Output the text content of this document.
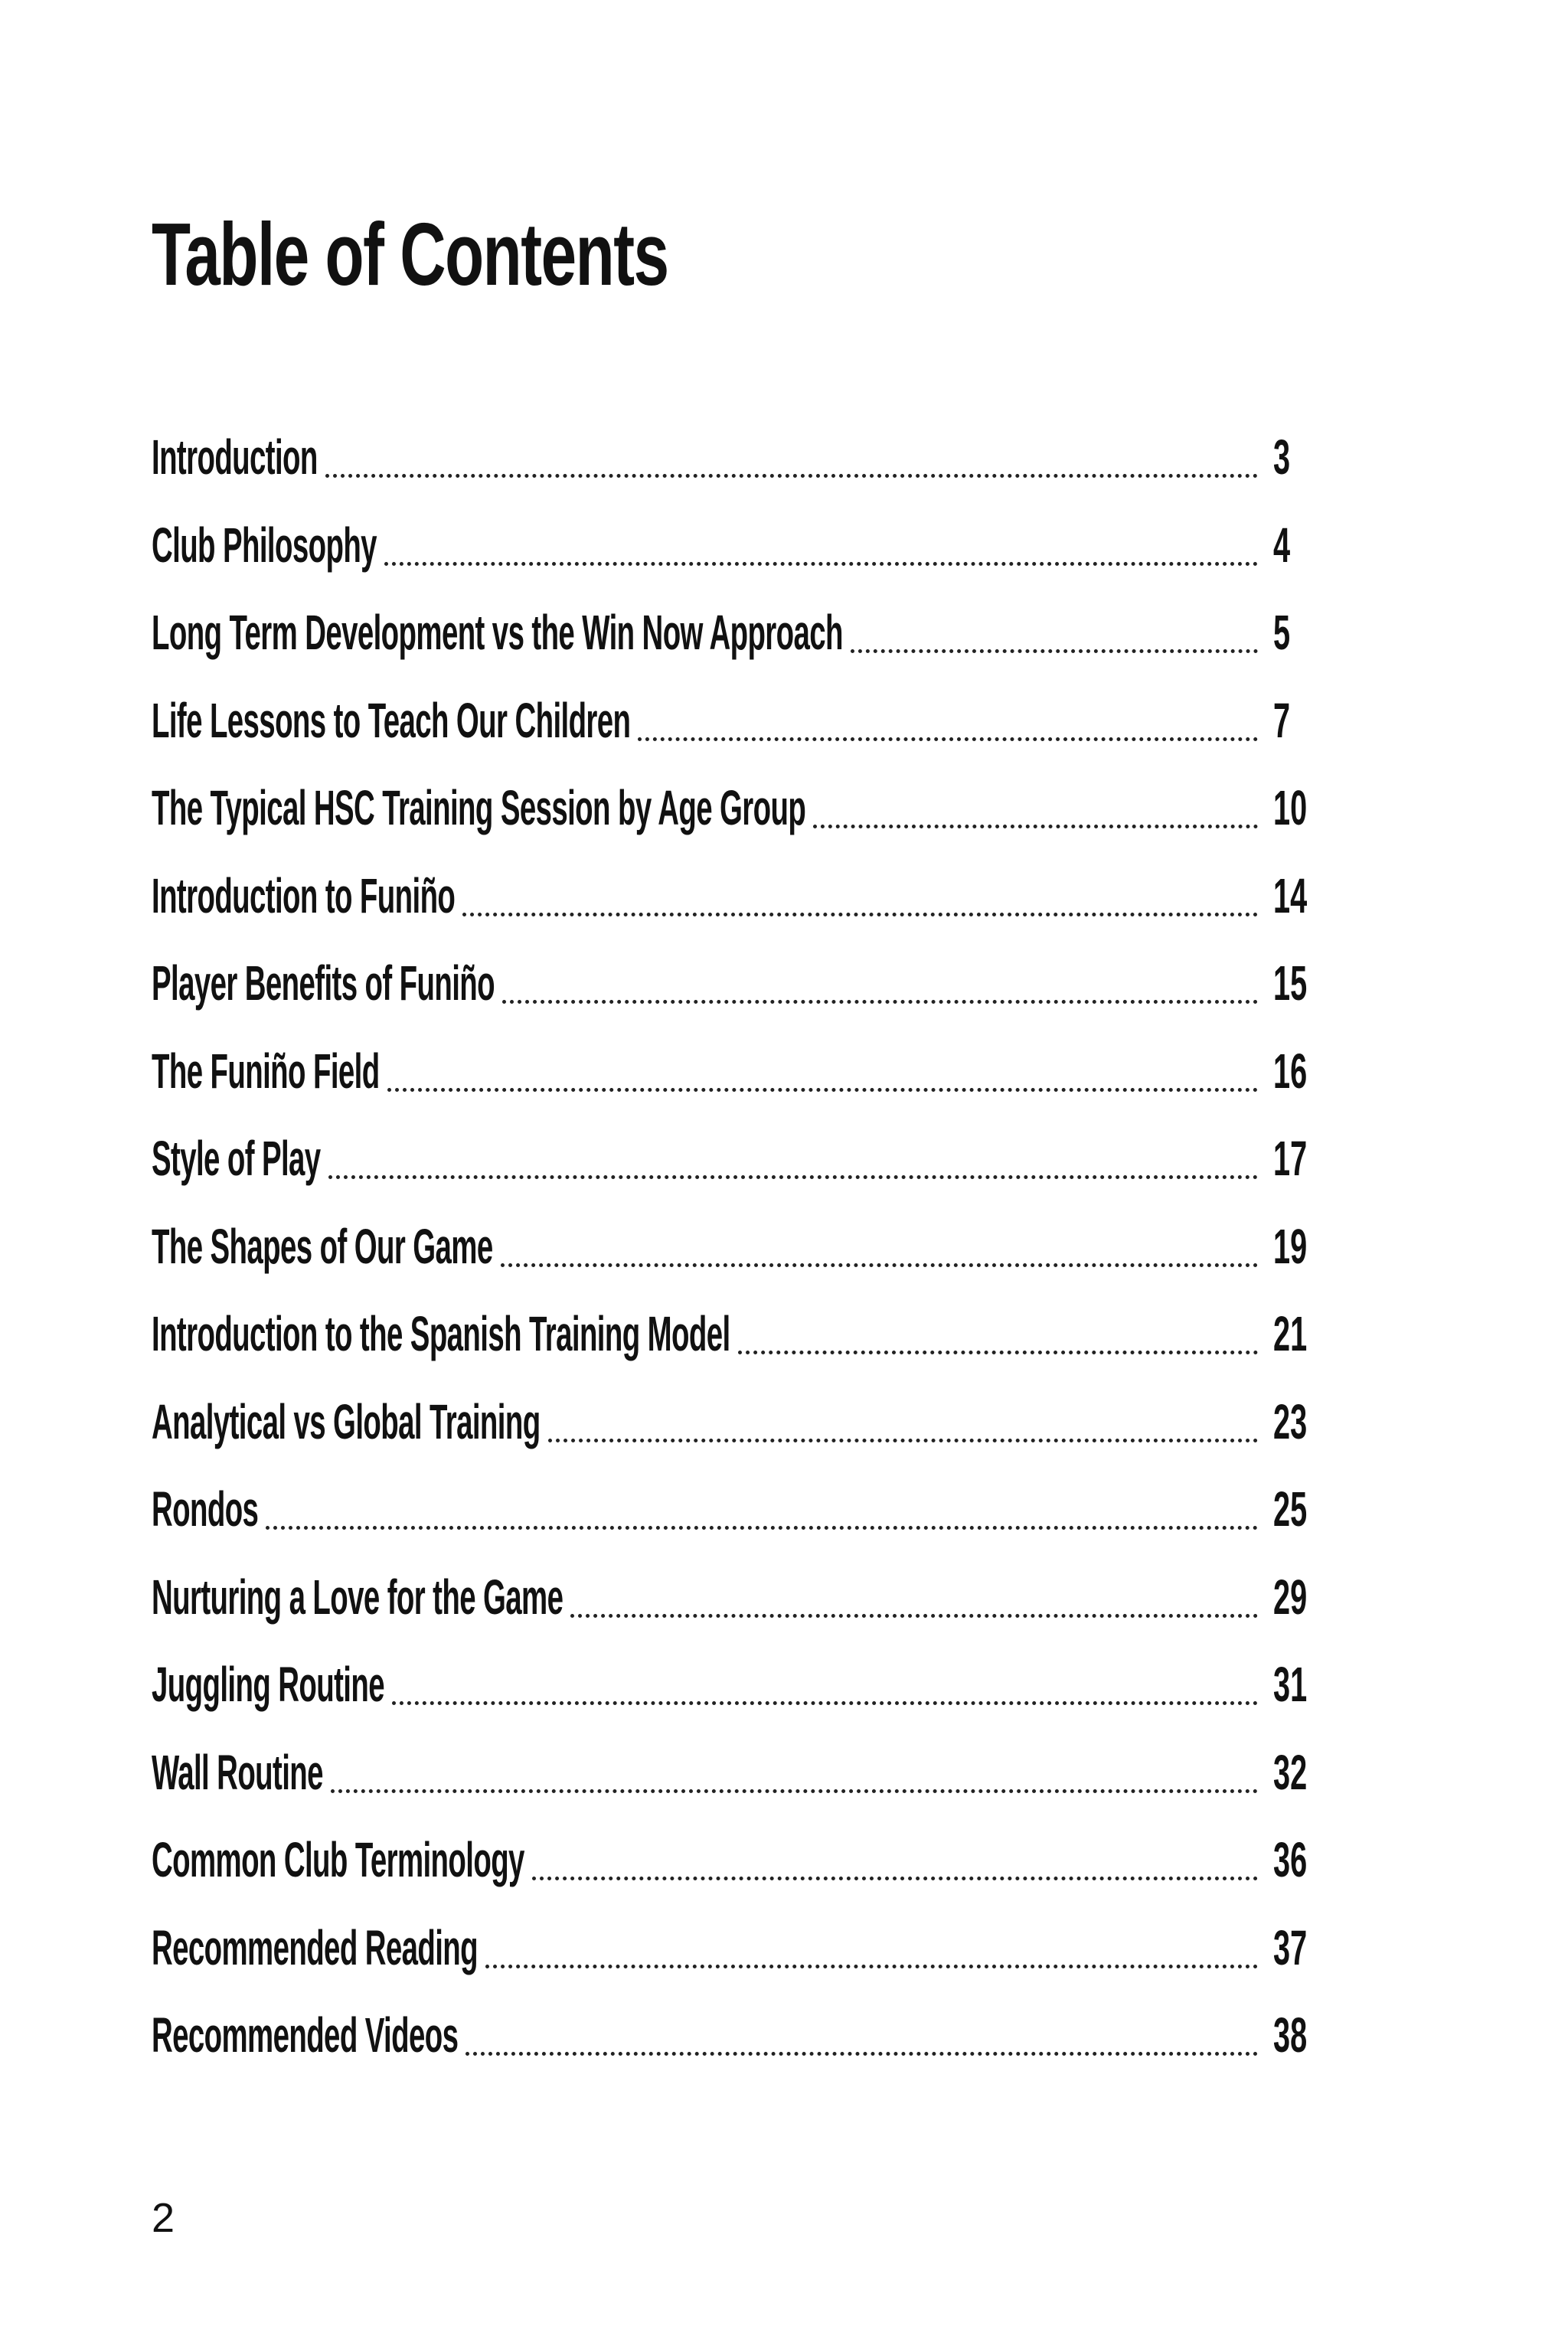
Table of Contents
Introduction	3
Club Philosophy	4
Long Term Development vs the Win Now Approach	5
Life Lessons to Teach Our Children	7
The Typical HSC Training Session by Age Group	10
Introduction to Funiño	14
Player Benefits of Funiño	15
The Funiño Field	16
Style of Play	17
The Shapes of Our Game	19
Introduction to the Spanish Training Model	21
Analytical vs Global Training	23
Rondos	25
Nurturing a Love for the Game	29
Juggling Routine	31
Wall Routine	32
Common Club Terminology	36
Recommended Reading	37
Recommended Videos	38
2
